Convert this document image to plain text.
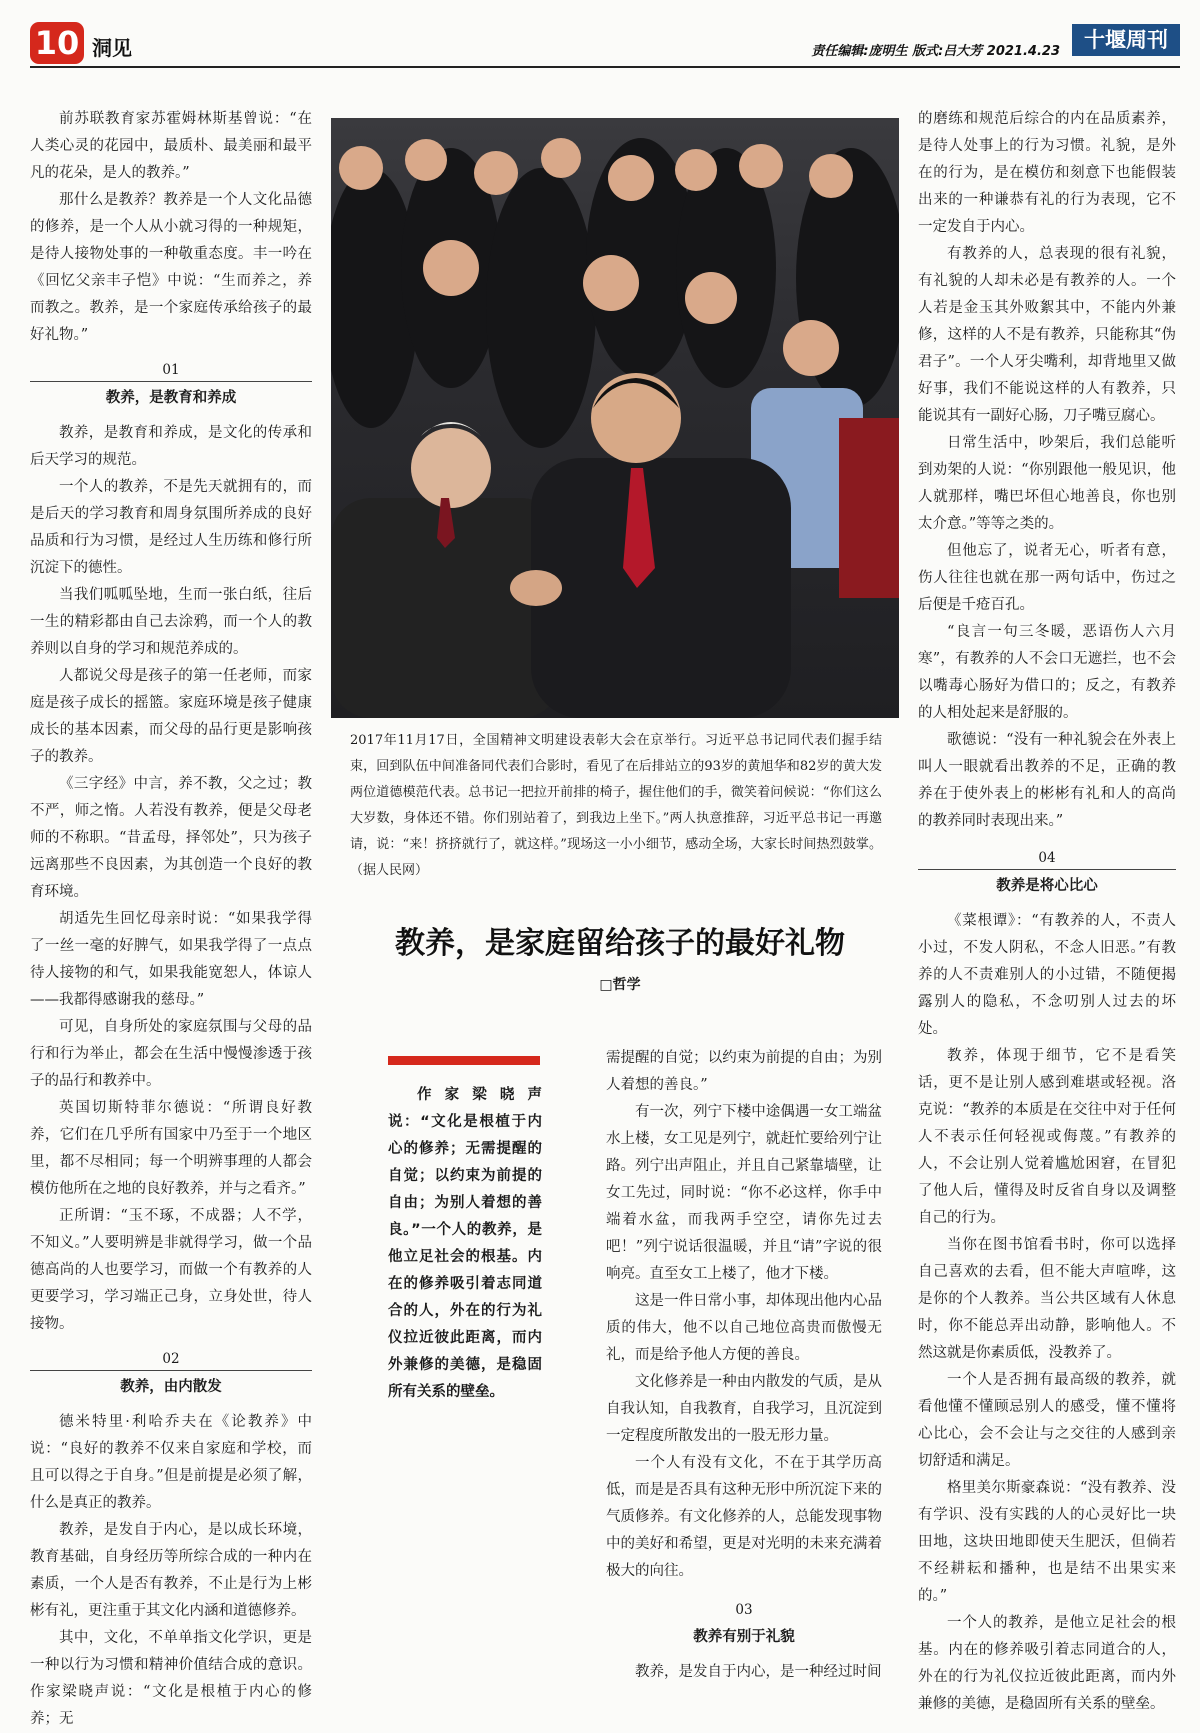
10 洞见	责任编辑:庞明生 版式:吕大芳 2021.4.23	十堰周刊

前苏联教育家苏霍姆林斯基曾说：“在人类心灵的花园中，最质朴、最美丽和最平凡的花朵，是人的教养。”

那什么是教养？教养是一个人文化品德的修养，是一个人从小就习得的一种规矩，是待人接物处事的一种敬重态度。丰一吟在《回忆父亲丰子恺》中说：“生而养之，养而教之。教养，是一个家庭传承给孩子的最好礼物。”

01
教养，是教育和养成

教养，是教育和养成，是文化的传承和后天学习的规范。

一个人的教养，不是先天就拥有的，而是后天的学习教育和周身氛围所养成的良好品质和行为习惯，是经过人生历练和修行所沉淀下的德性。

当我们呱呱坠地，生而一张白纸，往后一生的精彩都由自己去涂鸦，而一个人的教养则以自身的学习和规范养成的。

人都说父母是孩子的第一任老师，而家庭是孩子成长的摇篮。家庭环境是孩子健康成长的基本因素，而父母的品行更是影响孩子的教养。

《三字经》中言，养不教，父之过；教不严，师之惰。人若没有教养，便是父母老师的不称职。“昔孟母，择邻处”，只为孩子远离那些不良因素，为其创造一个良好的教育环境。

胡适先生回忆母亲时说：“如果我学得了一丝一毫的好脾气，如果我学得了一点点待人接物的和气，如果我能宽恕人，体谅人——我都得感谢我的慈母。”

可见，自身所处的家庭氛围与父母的品行和行为举止，都会在生活中慢慢渗透于孩子的品行和教养中。

英国切斯特菲尔德说：“所谓良好教养，它们在几乎所有国家中乃至于一个地区里，都不尽相同；每一个明辨事理的人都会模仿他所在之地的良好教养，并与之看齐。”

正所谓：“玉不琢，不成器；人不学，不知义。”人要明辨是非就得学习，做一个品德高尚的人也要学习，而做一个有教养的人更要学习，学习端正己身，立身处世，待人接物。

02
教养，由内散发

德米特里·利哈乔夫在《论教养》中说：“良好的教养不仅来自家庭和学校，而且可以得之于自身。”但是前提是必须了解，什么是真正的教养。

教养，是发自于内心，是以成长环境，教育基础，自身经历等所综合成的一种内在素质，一个人是否有教养，不止是行为上彬彬有礼，更注重于其文化内涵和道德修养。

其中，文化，不单单指文化学识，更是一种以行为习惯和精神价值结合成的意识。作家梁晓声说：“文化是根植于内心的修养；无

2017年11月17日，全国精神文明建设表彰大会在京举行。习近平总书记同代表们握手结束，回到队伍中间准备同代表们合影时，看见了在后排站立的93岁的黄旭华和82岁的黄大发两位道德模范代表。总书记一把拉开前排的椅子，握住他们的手，微笑着问候说：“你们这么大岁数，身体还不错。你们别站着了，到我边上坐下。”两人执意推辞，习近平总书记一再邀请，说：“来！挤挤就行了，就这样。”现场这一小小细节，感动全场，大家长时间热烈鼓掌。（据人民网）
教养，是家庭留给孩子的最好礼物
□哲学

作家梁晓声说：“文化是根植于内心的修养；无需提醒的自觉；以约束为前提的自由；为别人着想的善良。”一个人的教养，是他立足社会的根基。内在的修养吸引着志同道合的人，外在的行为礼仪拉近彼此距离，而内外兼修的美德，是稳固所有关系的壁垒。

需提醒的自觉；以约束为前提的自由；为别人着想的善良。”

有一次，列宁下楼中途偶遇一女工端盆水上楼，女工见是列宁，就赶忙要给列宁让路。列宁出声阻止，并且自己紧靠墙壁，让女工先过，同时说：“你不必这样，你手中端着水盆，而我两手空空，请你先过去吧！”列宁说话很温暖，并且“请”字说的很响亮。直至女工上楼了，他才下楼。

这是一件日常小事，却体现出他内心品质的伟大，他不以自己地位高贵而傲慢无礼，而是给予他人方便的善良。

文化修养是一种由内散发的气质，是从自我认知，自我教育，自我学习，且沉淀到一定程度所散发出的一股无形力量。

一个人有没有文化，不在于其学历高低，而是是否具有这种无形中所沉淀下来的气质修养。有文化修养的人，总能发现事物中的美好和希望，更是对光明的未来充满着极大的向往。

03
教养有别于礼貌

教养，是发自于内心，是一种经过时间

的磨练和规范后综合的内在品质素养，是待人处事上的行为习惯。礼貌，是外在的行为，是在模仿和刻意下也能假装出来的一种谦恭有礼的行为表现，它不一定发自于内心。

有教养的人，总表现的很有礼貌，有礼貌的人却未必是有教养的人。一个人若是金玉其外败絮其中，不能内外兼修，这样的人不是有教养，只能称其“伪君子”。一个人牙尖嘴利，却背地里又做好事，我们不能说这样的人有教养，只能说其有一副好心肠，刀子嘴豆腐心。

日常生活中，吵架后，我们总能听到劝架的人说：“你别跟他一般见识，他人就那样，嘴巴坏但心地善良，你也别太介意。”等等之类的。

但他忘了，说者无心，听者有意，伤人往往也就在那一两句话中，伤过之后便是千疮百孔。

“良言一句三冬暖，恶语伤人六月寒”，有教养的人不会口无遮拦，也不会以嘴毒心肠好为借口的；反之，有教养的人相处起来是舒服的。

歌德说：“没有一种礼貌会在外表上叫人一眼就看出教养的不足，正确的教养在于使外表上的彬彬有礼和人的高尚的教养同时表现出来。”

04
教养是将心比心

《菜根谭》：“有教养的人，不责人小过，不发人阴私，不念人旧恶。”有教养的人不责难别人的小过错，不随便揭露别人的隐私，不念叨别人过去的坏处。

教养，体现于细节，它不是看笑话，更不是让别人感到难堪或轻视。洛克说：“教养的本质是在交往中对于任何人不表示任何轻视或侮蔑。”有教养的人，不会让别人觉着尴尬困窘，在冒犯了他人后，懂得及时反省自身以及调整自己的行为。

当你在图书馆看书时，你可以选择自己喜欢的去看，但不能大声喧哗，这是你的个人教养。当公共区域有人休息时，你不能总弄出动静，影响他人。不然这就是你素质低，没教养了。

一个人是否拥有最高级的教养，就看他懂不懂顾忌别人的感受，懂不懂将心比心，会不会让与之交往的人感到亲切舒适和满足。

格里美尔斯豪森说：“没有教养、没有学识、没有实践的人的心灵好比一块田地，这块田地即使天生肥沃，但倘若不经耕耘和播种，也是结不出果实来的。”

一个人的教养，是他立足社会的根基。内在的修养吸引着志同道合的人，外在的行为礼仪拉近彼此距离，而内外兼修的美德，是稳固所有关系的壁垒。
